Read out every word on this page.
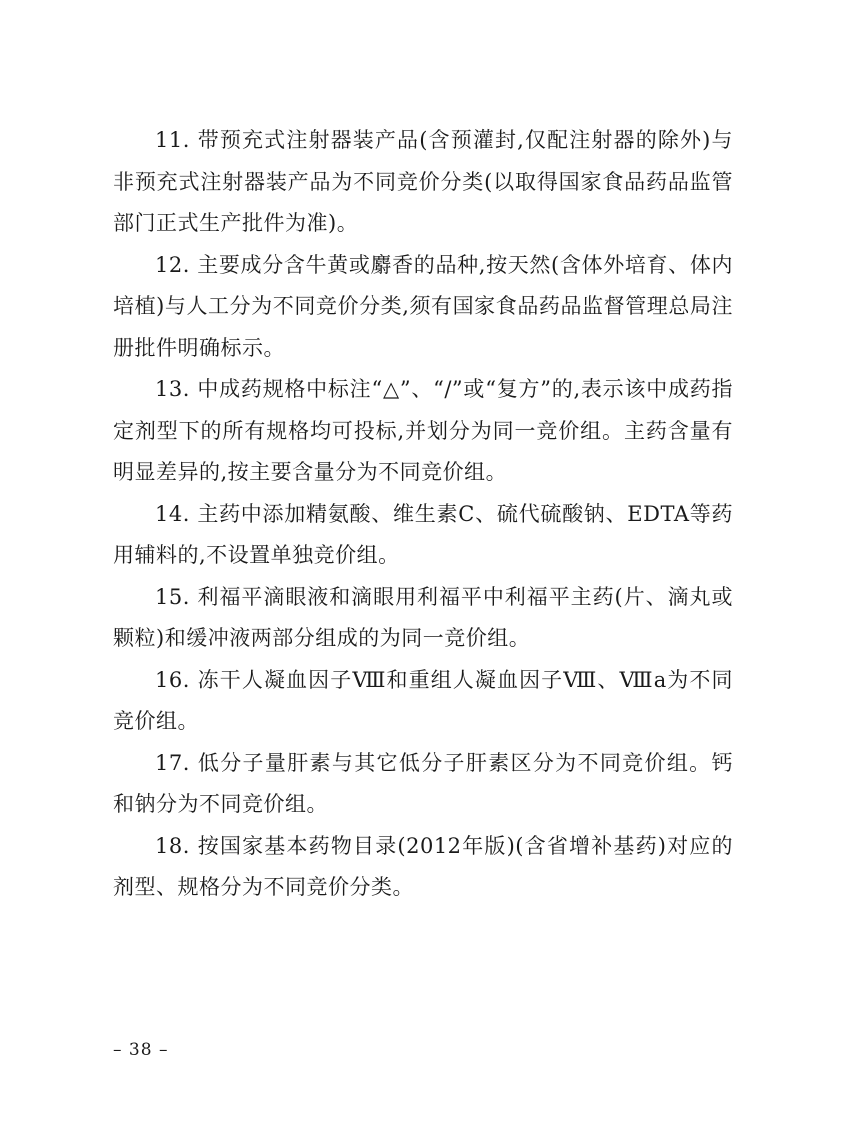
11. 带预充式注射器装产品(含预灌封,仅配注射器的除外)与非预充式注射器装产品为不同竞价分类(以取得国家食品药品监管部门正式生产批件为准)。

12. 主要成分含牛黄或麝香的品种,按天然(含体外培育、体内培植)与人工分为不同竞价分类,须有国家食品药品监督管理总局注册批件明确标示。

13. 中成药规格中标注“△”、“/”或“复方”的,表示该中成药指定剂型下的所有规格均可投标,并划分为同一竞价组。主药含量有明显差异的,按主要含量分为不同竞价组。

14. 主药中添加精氨酸、维生素C、硫代硫酸钠、EDTA等药用辅料的,不设置单独竞价组。

15. 利福平滴眼液和滴眼用利福平中利福平主药(片、滴丸或颗粒)和缓冲液两部分组成的为同一竞价组。

16. 冻干人凝血因子Ⅷ和重组人凝血因子Ⅷ、Ⅷa为不同竞价组。

17. 低分子量肝素与其它低分子肝素区分为不同竞价组。钙和钠分为不同竞价组。

18. 按国家基本药物目录(2012年版)(含省增补基药)对应的剂型、规格分为不同竞价分类。

– 38 –
